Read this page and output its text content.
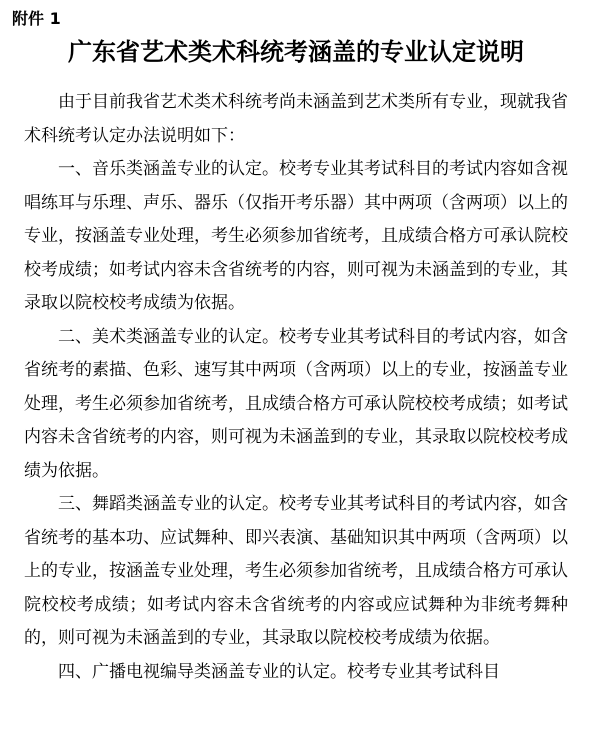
附件 1
广东省艺术类术科统考涵盖的专业认定说明

由于目前我省艺术类术科统考尚未涵盖到艺术类所有专业，现就我省术科统考认定办法说明如下：

一、音乐类涵盖专业的认定。校考专业其考试科目的考试内容如含视唱练耳与乐理、声乐、器乐（仅指开考乐器）其中两项（含两项）以上的专业，按涵盖专业处理，考生必须参加省统考，且成绩合格方可承认院校校考成绩；如考试内容未含省统考的内容，则可视为未涵盖到的专业，其录取以院校校考成绩为依据。

二、美术类涵盖专业的认定。校考专业其考试科目的考试内容，如含省统考的素描、色彩、速写其中两项（含两项）以上的专业，按涵盖专业处理，考生必须参加省统考，且成绩合格方可承认院校校考成绩；如考试内容未含省统考的内容，则可视为未涵盖到的专业，其录取以院校校考成绩为依据。

三、舞蹈类涵盖专业的认定。校考专业其考试科目的考试内容，如含省统考的基本功、应试舞种、即兴表演、基础知识其中两项（含两项）以上的专业，按涵盖专业处理，考生必须参加省统考，且成绩合格方可承认院校校考成绩；如考试内容未含省统考的内容或应试舞种为非统考舞种的，则可视为未涵盖到的专业，其录取以院校校考成绩为依据。

四、广播电视编导类涵盖专业的认定。校考专业其考试科目
